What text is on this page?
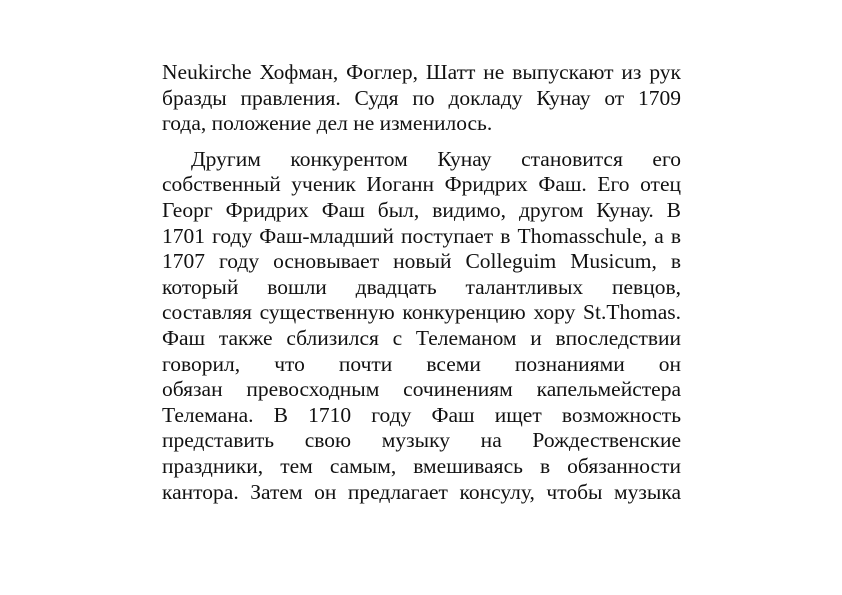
Neukirche Хофман, Фоглер, Шатт не выпускают из рук
бразды правления. Судя по докладу Кунау от 1709
года, положение дел не изменилось.
Другим конкурентом Кунау становится его
собственный ученик Иоганн Фридрих Фаш. Его отец
Георг Фридрих Фаш был, видимо, другом Кунау. В
1701 году Фаш-младший поступает в Thomasschule, а в
1707 году основывает новый Colleguim Musicum, в
который вошли двадцать талантливых певцов,
составляя существенную конкуренцию хору St.Thomas.
Фаш также сблизился с Телеманом и впоследствии
говорил, что почти всеми познаниями он
обязан превосходным сочинениям капельмейстера
Телемана. В 1710 году Фаш ищет возможность
представить свою музыку на Рождественские
праздники, тем самым, вмешиваясь в обязанности
кантора. Затем он предлагает консулу, чтобы музыка
